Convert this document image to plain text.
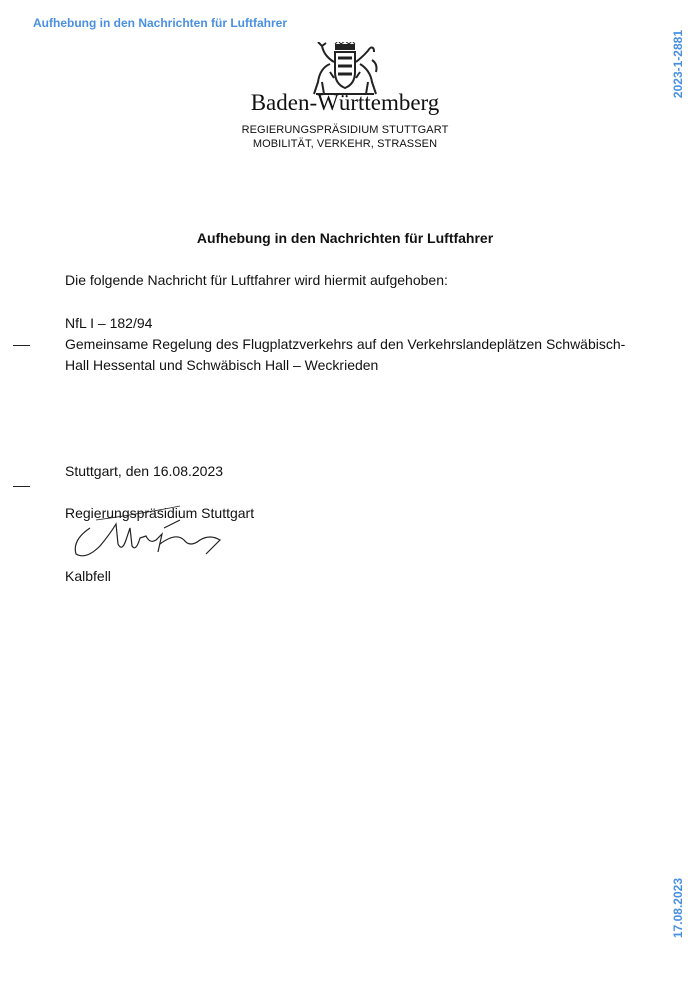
Aufhebung in den Nachrichten für Luftfahrer
2023-1-2881
17.08.2023
Baden-Württemberg
REGIERUNGSPRÄSIDIUM STUTTGART
MOBILITÄT, VERKEHR, STRASSEN
Aufhebung in den Nachrichten für Luftfahrer
Die folgende Nachricht für Luftfahrer wird hiermit aufgehoben:
NfL I – 182/94
Gemeinsame Regelung des Flugplatzverkehrs auf den Verkehrslandeplätzen Schwäbisch-Hall Hessental und Schwäbisch Hall – Weckrieden
Stuttgart, den 16.08.2023
Regierungspräsidium Stuttgart
Kalbfell
